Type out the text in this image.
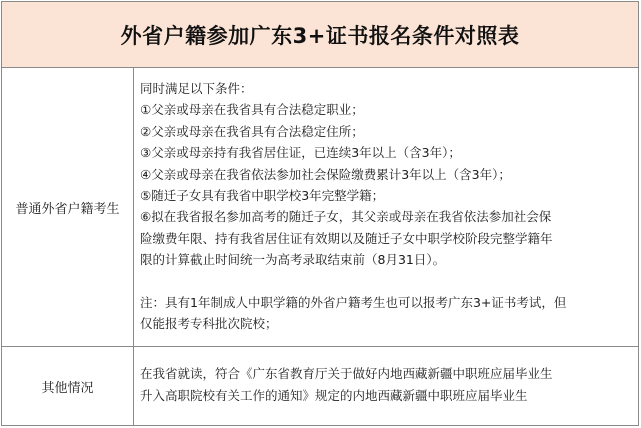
外省户籍参加广东3+证书报名条件对照表
普通外省户籍考生

同时满足以下条件：

①父亲或母亲在我省具有合法稳定职业；

②父亲或母亲在我省具有合法稳定住所；

③父亲或母亲持有我省居住证，已连续3年以上（含3年）；

④父亲或母亲在我省依法参加社会保险缴费累计3年以上（含3年）；

⑤随迁子女具有我省中职学校3年完整学籍；

⑥拟在我省报名参加高考的随迁子女，其父亲或母亲在我省依法参加社会保

险缴费年限、持有我省居住证有效期以及随迁子女中职学校阶段完整学籍年

限的计算截止时间统一为高考录取结束前（8月31日）。

注：具有1年制成人中职学籍的外省户籍考生也可以报考广东3+证书考试，但

仅能报考专科批次院校；

其他情况

在我省就读，符合《广东省教育厅关于做好内地西藏新疆中职班应届毕业生

升入高职院校有关工作的通知》规定的内地西藏新疆中职班应届毕业生
